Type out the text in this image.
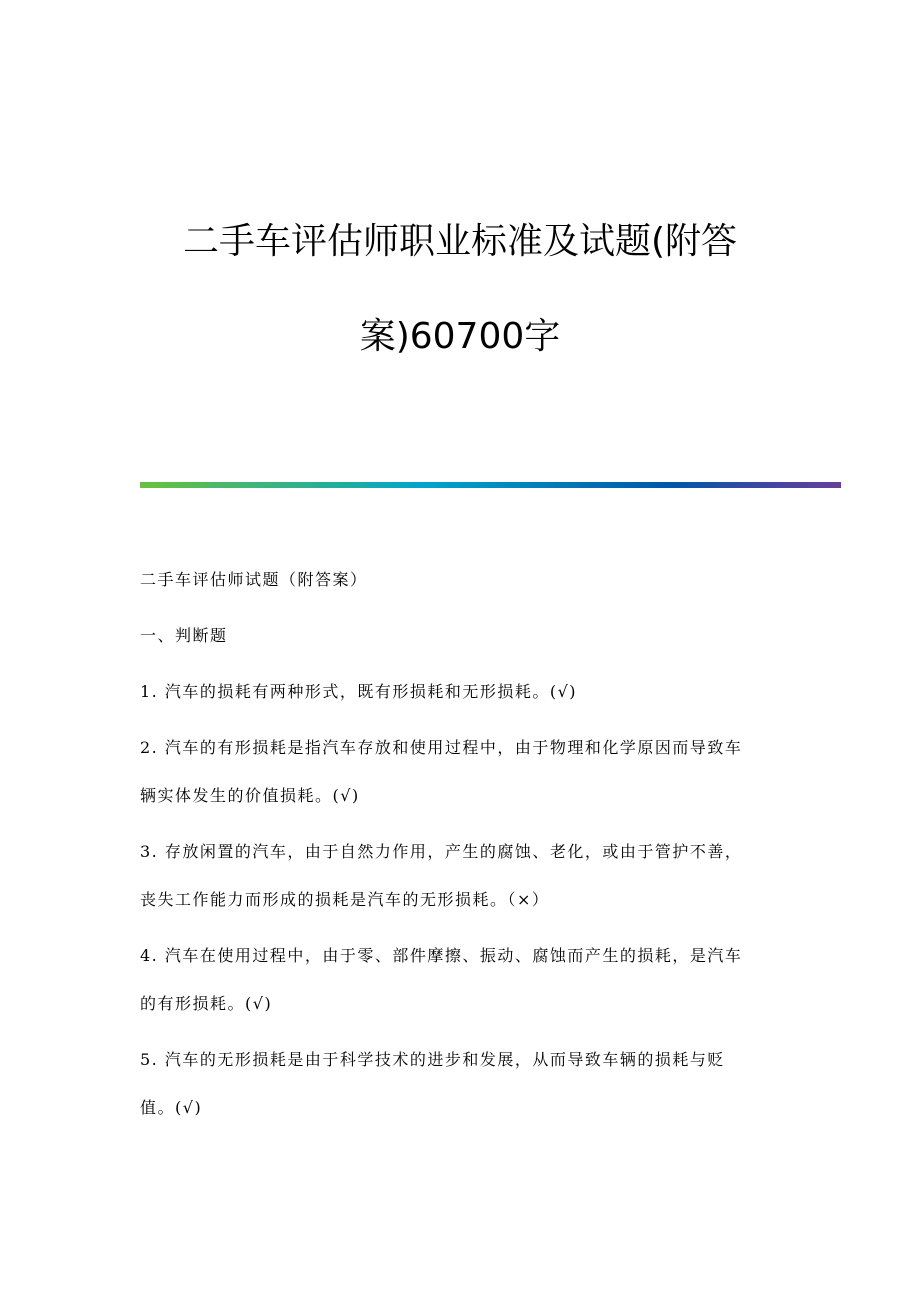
二手车评估师职业标准及试题(附答
案)60700字
二手车评估师试题（附答案）
一、判断题
1. 汽车的损耗有两种形式，既有形损耗和无形损耗。(√)
2. 汽车的有形损耗是指汽车存放和使用过程中，由于物理和化学原因而导致车
辆实体发生的价值损耗。(√)
3. 存放闲置的汽车，由于自然力作用，产生的腐蚀、老化，或由于管护不善，
丧失工作能力而形成的损耗是汽车的无形损耗。（×）
4. 汽车在使用过程中，由于零、部件摩擦、振动、腐蚀而产生的损耗，是汽车
的有形损耗。(√)
5. 汽车的无形损耗是由于科学技术的进步和发展，从而导致车辆的损耗与贬
值。(√)
